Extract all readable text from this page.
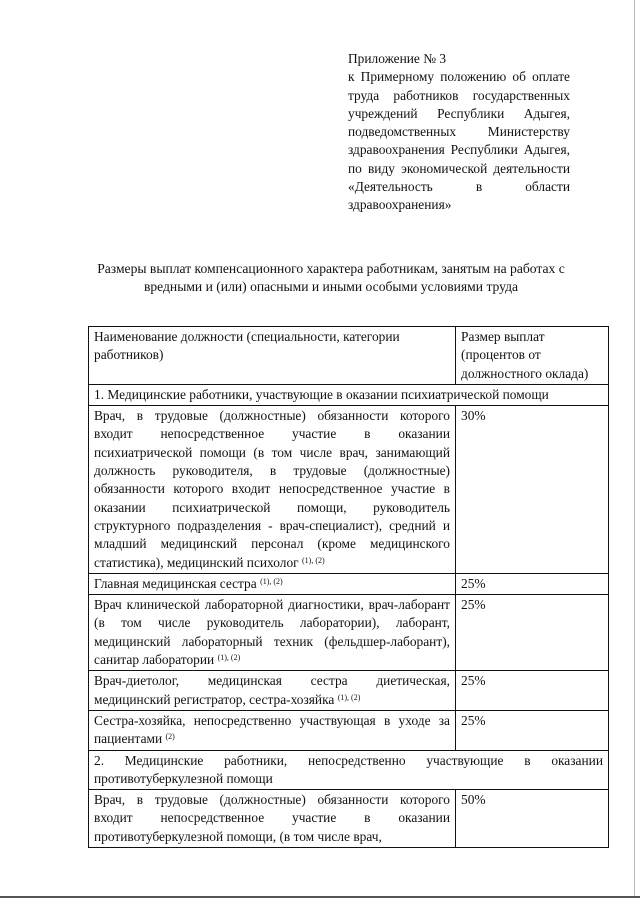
Приложение № 3
к Примерному положению об оплате труда работников государственных учреждений Республики Адыгея, подведомственных Министерству здравоохранения Республики Адыгея, по виду экономической деятельности «Деятельность в области здравоохранения»
Размеры выплат компенсационного характера работникам, занятым на работах с вредными и (или) опасными и иными особыми условиями труда
Наименование должности (специальности, категории работников)	Размер выплат (процентов от должностного оклада)
1. Медицинские работники, участвующие в оказании психиатрической помощи	
Врач, в трудовые (должностные) обязанности которого входит непосредственное участие в оказании психиатрической помощи (в том числе врач, занимающий должность руководителя, в трудовые (должностные) обязанности которого входит непосредственное участие в оказании психиатрической помощи, руководитель структурного подразделения - врач-специалист), средний и младший медицинский персонал (кроме медицинского статистика), медицинский психолог $^{(1), (2)}$	30%
Главная медицинская сестра $^{(1), (2)}$	25%
Врач клинической лабораторной диагностики, врач-лаборант (в том числе руководитель лаборатории), лаборант, медицинский лабораторный техник (фельдшер-лаборант), санитар лаборатории $^{(1), (2)}$	25%
Врач-диетолог, медицинская сестра диетическая, медицинский регистратор, сестра-хозяйка $^{(1), (2)}$	25%
Сестра-хозяйка, непосредственно участвующая в уходе за пациентами $^{(2)}$	25%
2. Медицинские работники, непосредственно участвующие в оказании противотуберкулезной помощи	
Врач, в трудовые (должностные) обязанности которого входит непосредственное участие в оказании противотуберкулезной помощи, (в том числе врач,	50%
